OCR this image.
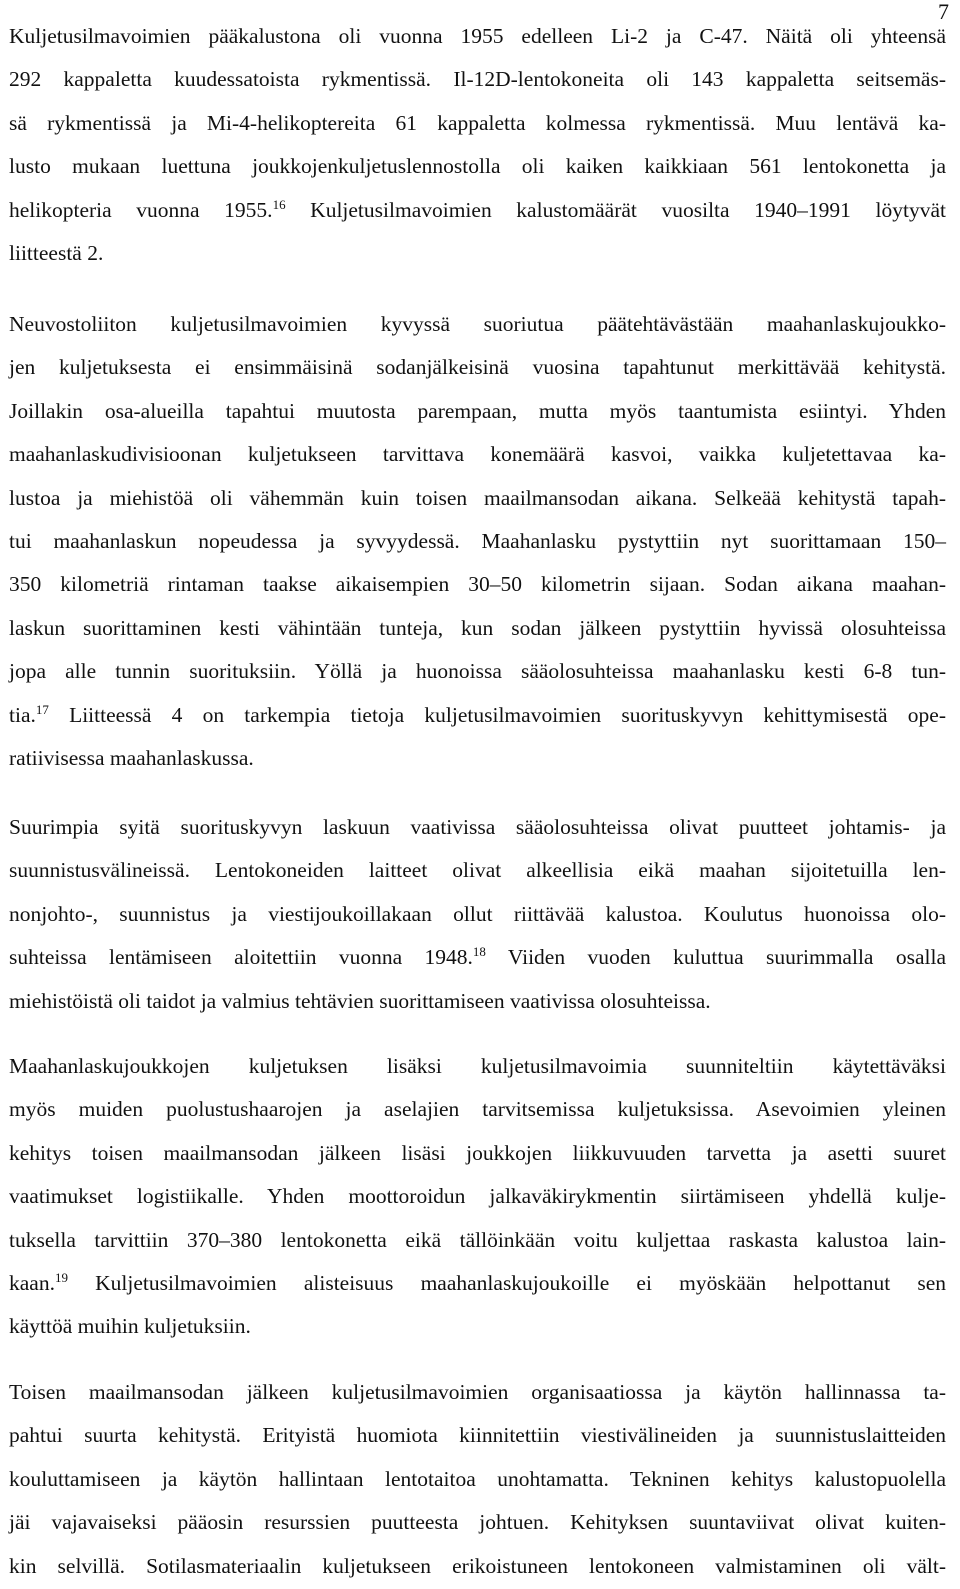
7
Kuljetusilmavoimien pääkalustona oli vuonna 1955 edelleen Li-2 ja C-47. Näitä oli yhteensä
292 kappaletta kuudessatoista rykmentissä. Il-12D-lentokoneita oli 143 kappaletta seitsemäs-
sä rykmentissä ja Mi-4-helikoptereita 61 kappaletta kolmessa rykmentissä. Muu lentävä ka-
lusto mukaan luettuna joukkojenkuljetuslennostolla oli kaiken kaikkiaan 561 lentokonetta ja
helikopteria vuonna 1955.16 Kuljetusilmavoimien kalustomäärät vuosilta 1940–1991 löytyvät
liitteestä 2.
Neuvostoliiton kuljetusilmavoimien kyvyssä suoriutua päätehtävästään maahanlaskujoukko-
jen kuljetuksesta ei ensimmäisinä sodanjälkeisinä vuosina tapahtunut merkittävää kehitystä.
Joillakin osa-alueilla tapahtui muutosta parempaan, mutta myös taantumista esiintyi. Yhden
maahanlaskudivisioonan kuljetukseen tarvittava konemäärä kasvoi, vaikka kuljetettavaa ka-
lustoa ja miehistöä oli vähemmän kuin toisen maailmansodan aikana. Selkeää kehitystä tapah-
tui maahanlaskun nopeudessa ja syvyydessä. Maahanlasku pystyttiin nyt suorittamaan 150–
350 kilometriä rintaman taakse aikaisempien 30–50 kilometrin sijaan. Sodan aikana maahan-
laskun suorittaminen kesti vähintään tunteja, kun sodan jälkeen pystyttiin hyvissä olosuhteissa
jopa alle tunnin suorituksiin. Yöllä ja huonoissa sääolosuhteissa maahanlasku kesti 6-8 tun-
tia.$^{17}$ Liitteessä 4 on tarkempia tietoja kuljetusilmavoimien suorituskyvyn kehittymisestä ope-
ratiivisessa maahanlaskussa.
Suurimpia syitä suorituskyvyn laskuun vaativissa sääolosuhteissa olivat puutteet johtamis- ja
suunnistusvälineissä. Lentokoneiden laitteet olivat alkeellisia eikä maahan sijoitetuilla len-
nonjohto-, suunnistus ja viestijoukoillakaan ollut riittävää kalustoa. Koulutus huonoissa olo-
suhteissa lentämiseen aloitettiin vuonna 1948.18 Viiden vuoden kuluttua suurimmalla osalla
miehistöistä oli taidot ja valmius tehtävien suorittamiseen vaativissa olosuhteissa.
Maahanlaskujoukkojen kuljetuksen lisäksi kuljetusilmavoimia suunniteltiin käytettäväksi
myös muiden puolustushaarojen ja aselajien tarvitsemissa kuljetuksissa. Asevoimien yleinen
kehitys toisen maailmansodan jälkeen lisäsi joukkojen liikkuvuuden tarvetta ja asetti suuret
vaatimukset logistiikalle. Yhden moottoroidun jalkaväkirykmentin siirtämiseen yhdellä kulje-
tuksella tarvittiin 370–380 lentokonetta eikä tällöinkään voitu kuljettaa raskasta kalustoa lain-
kaan.$^{19}$ Kuljetusilmavoimien alisteisuus maahanlaskujoukoille ei myöskään helpottanut sen
käyttöä muihin kuljetuksiin.
Toisen maailmansodan jälkeen kuljetusilmavoimien organisaatiossa ja käytön hallinnassa ta-
pahtui suurta kehitystä. Erityistä huomiota kiinnitettiin viestivälineiden ja suunnistuslaitteiden
kouluttamiseen ja käytön hallintaan lentotaitoa unohtamatta. Tekninen kehitys kalustopuolella
jäi vajavaiseksi pääosin resurssien puutteesta johtuen. Kehityksen suuntaviivat olivat kuiten-
kin selvillä. Sotilasmateriaalin kuljetukseen erikoistuneen lentokoneen valmistaminen oli vält-
